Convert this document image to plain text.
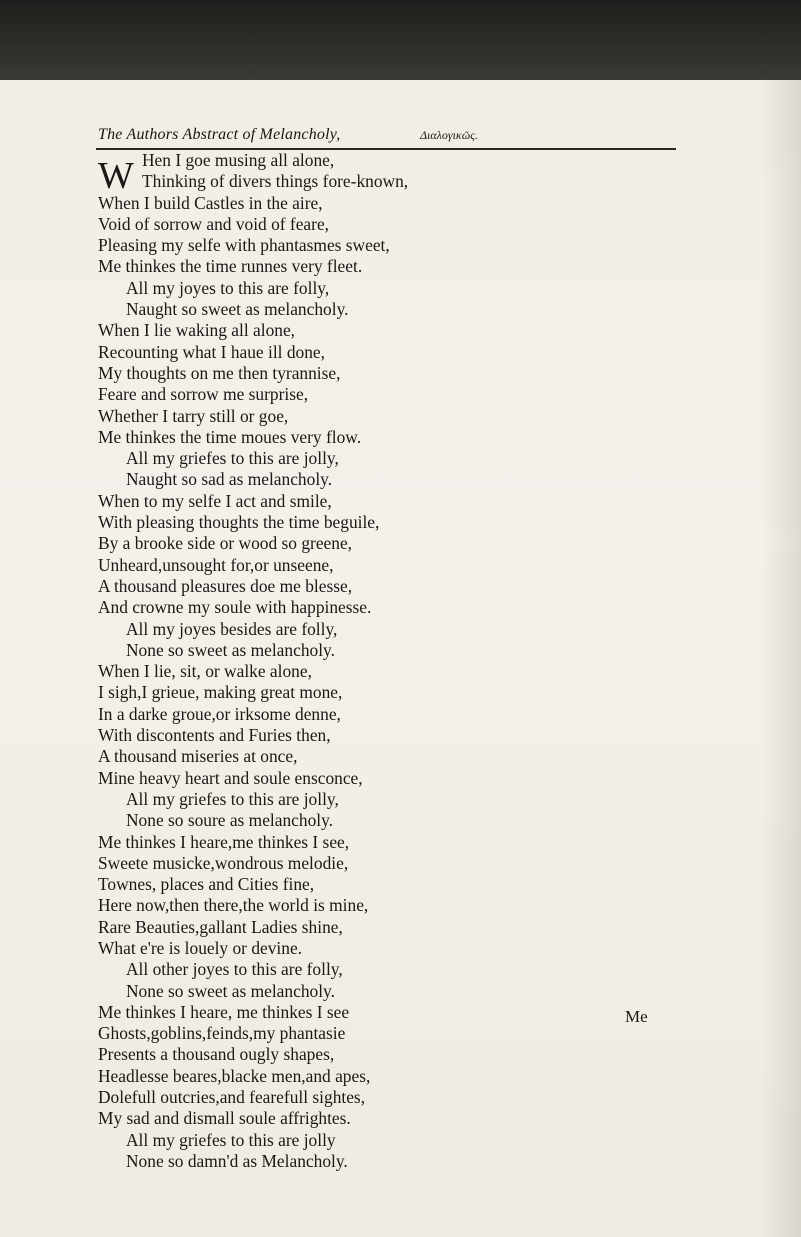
The Authors Abstract of Melancholy,	Διαλογικῶς.
W Hen I goe musing all alone,
Thinking of divers things fore-known,
When I build Castles in the aire,
Void of sorrow and void of feare,
Pleasing my selfe with phantasmes sweet,
Me thinkes the time runnes very fleet.
All my joyes to this are folly,
Naught so sweet as melancholy.
When I lie waking all alone,
Recounting what I haue ill done,
My thoughts on me then tyrannise,
Feare and sorrow me surprise,
Whether I tarry still or goe,
Me thinkes the time moues very flow.
All my griefes to this are jolly,
Naught so sad as melancholy.
When to my selfe I act and smile,
With pleasing thoughts the time beguile,
By a brooke side or wood so greene,
Unheard,unsought for,or unseene,
A thousand pleasures doe me blesse,
And crowne my soule with happinesse.
All my joyes besides are folly,
None so sweet as melancholy.
When I lie, sit, or walke alone,
I sigh,I grieue, making great mone,
In a darke groue,or irksome denne,
With discontents and Furies then,
A thousand miseries at once,
Mine heavy heart and soule ensconce,
All my griefes to this are jolly,
None so soure as melancholy.
Me thinkes I heare,me thinkes I see,
Sweete musicke,wondrous melodie,
Townes, places and Cities fine,
Here now,then there,the world is mine,
Rare Beauties,gallant Ladies shine,
What e're is louely or devine.
All other joyes to this are folly,
None so sweet as melancholy.
Me thinkes I heare, me thinkes I see
Ghosts,goblins,feinds,my phantasie
Presents a thousand ougly shapes,
Headlesse beares,blacke men,and apes,
Dolefull outcries,and fearefull sightes,
My sad and dismall soule affrightes.
All my griefes to this are jolly
None so damn'd as Melancholy.
Me
